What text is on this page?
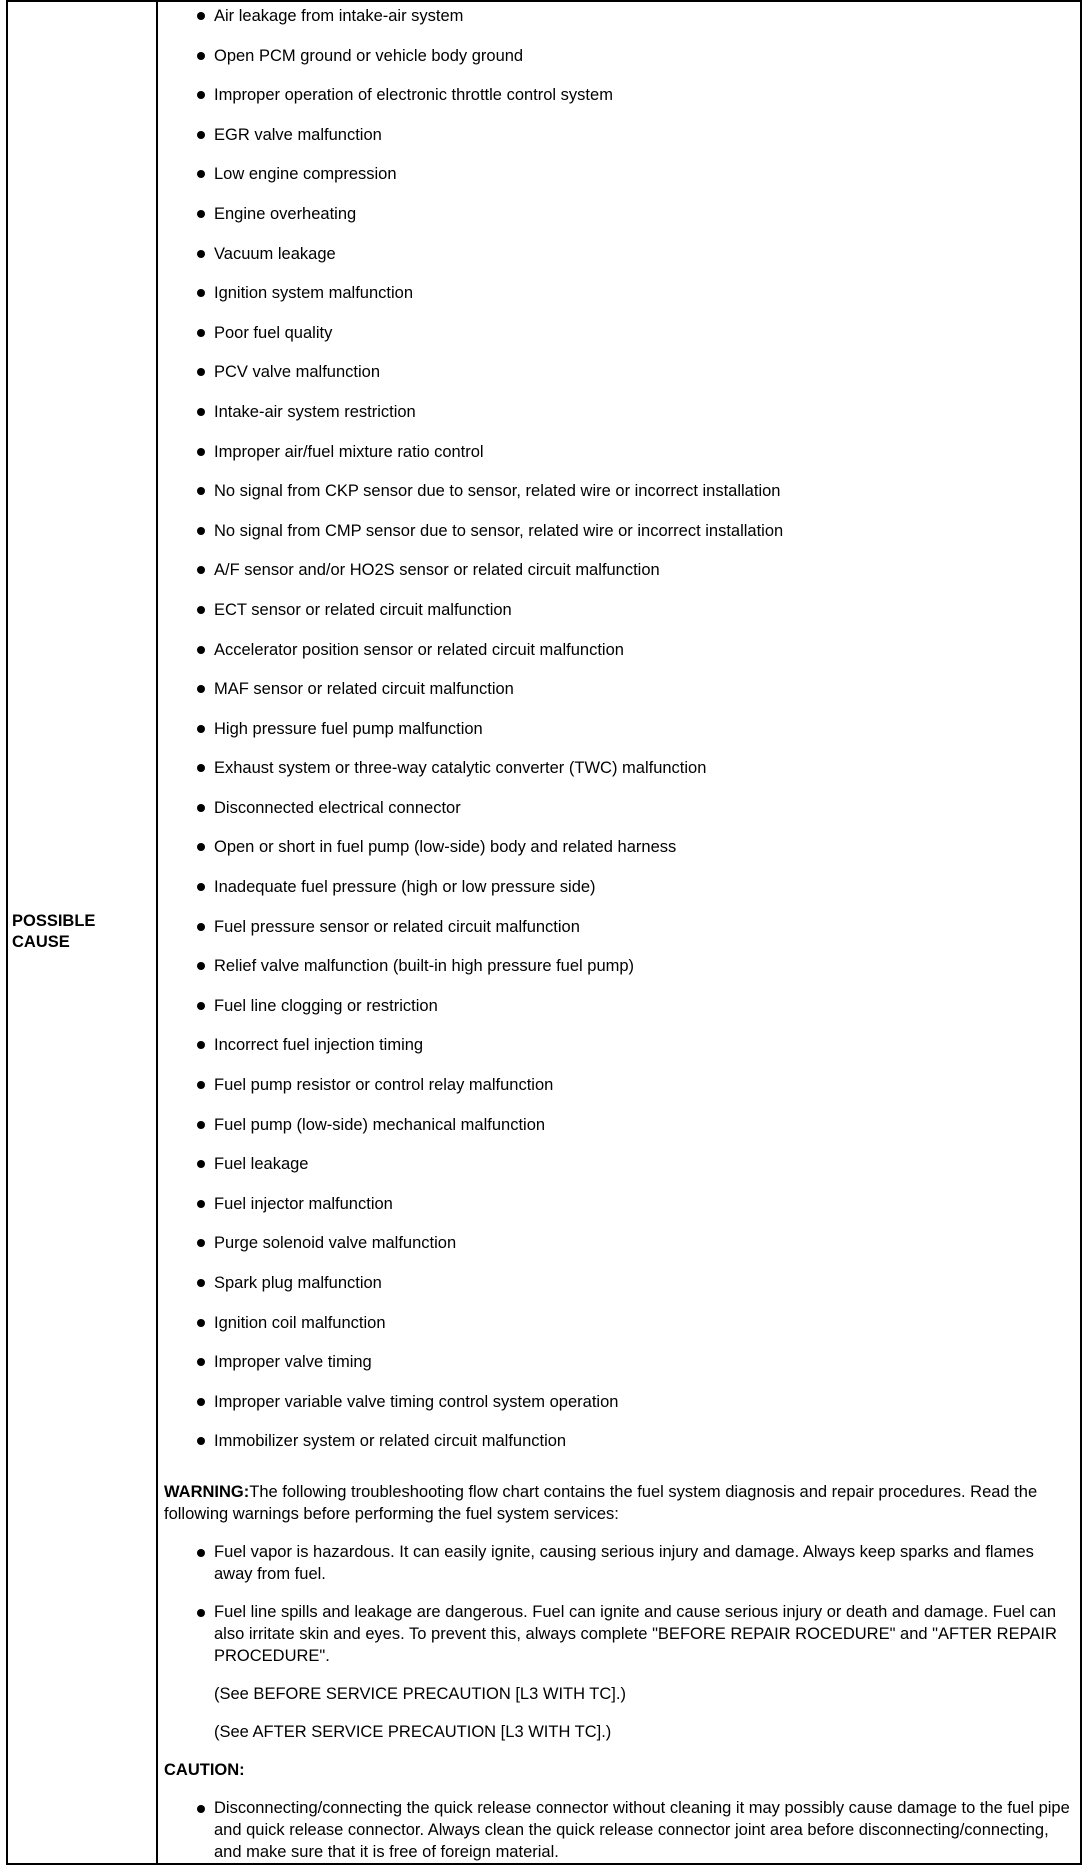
POSSIBLE CAUSE	
Air leakage from intake-air system
Open PCM ground or vehicle body ground
Improper operation of electronic throttle control system
EGR valve malfunction
Low engine compression
Engine overheating
Vacuum leakage
Ignition system malfunction
Poor fuel quality
PCV valve malfunction
Intake-air system restriction
Improper air/fuel mixture ratio control
No signal from CKP sensor due to sensor, related wire or incorrect installation
No signal from CMP sensor due to sensor, related wire or incorrect installation
A/F sensor and/or HO2S sensor or related circuit malfunction
ECT sensor or related circuit malfunction
Accelerator position sensor or related circuit malfunction
MAF sensor or related circuit malfunction
High pressure fuel pump malfunction
Exhaust system or three-way catalytic converter (TWC) malfunction
Disconnected electrical connector
Open or short in fuel pump (low-side) body and related harness
Inadequate fuel pressure (high or low pressure side)
Fuel pressure sensor or related circuit malfunction
Relief valve malfunction (built-in high pressure fuel pump)
Fuel line clogging or restriction
Incorrect fuel injection timing
Fuel pump resistor or control relay malfunction
Fuel pump (low-side) mechanical malfunction
Fuel leakage
Fuel injector malfunction
Purge solenoid valve malfunction
Spark plug malfunction
Ignition coil malfunction
Improper valve timing
Improper variable valve timing control system operation
Immobilizer system or related circuit malfunction

WARNING:The following troubleshooting flow chart contains the fuel system diagnosis and repair procedures. Read the following warnings before performing the fuel system services:

Fuel vapor is hazardous. It can easily ignite, causing serious injury and damage. Always keep sparks and flames away from fuel.
Fuel line spills and leakage are dangerous. Fuel can ignite and cause serious injury or death and damage. Fuel can also irritate skin and eyes. To prevent this, always complete "BEFORE REPAIR ROCEDURE" and "AFTER REPAIR PROCEDURE".
(See BEFORE SERVICE PRECAUTION [L3 WITH TC].)
(See AFTER SERVICE PRECAUTION [L3 WITH TC].)
CAUTION:
Disconnecting/connecting the quick release connector without cleaning it may possibly cause damage to the fuel pipe and quick release connector. Always clean the quick release connector joint area before disconnecting/connecting, and make sure that it is free of foreign material.
